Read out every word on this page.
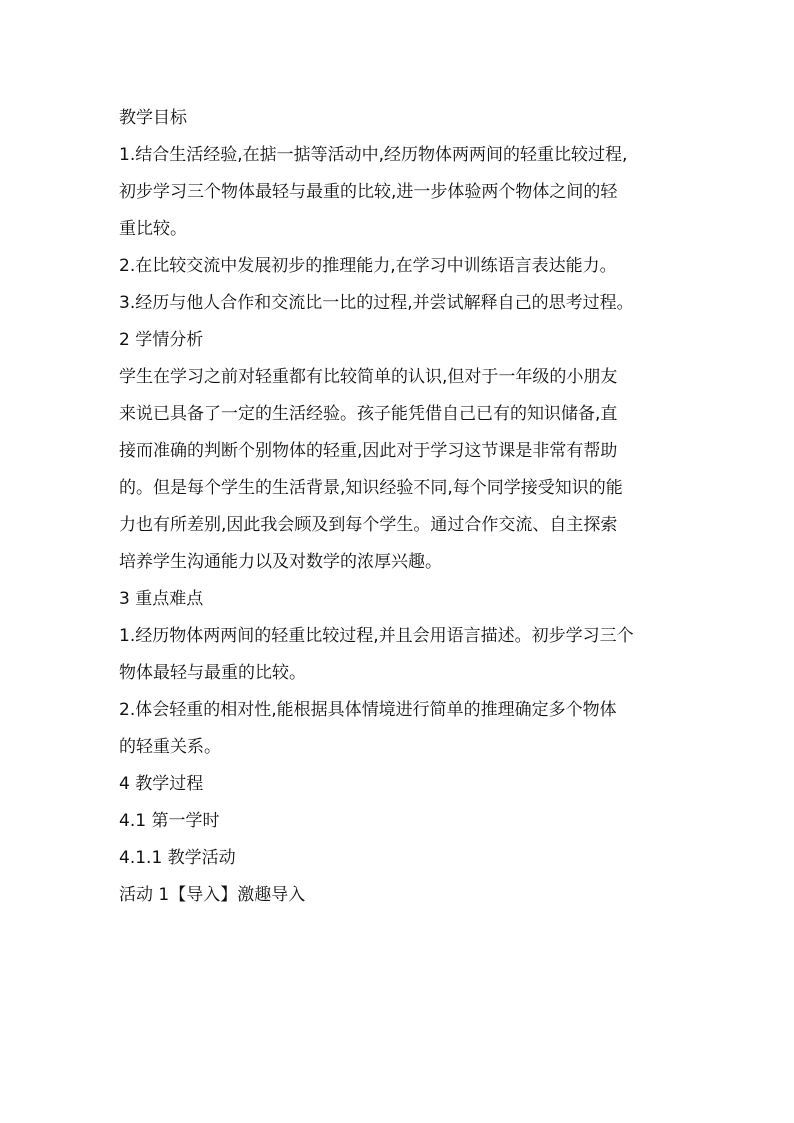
教学目标

1.结合生活经验,在掂一掂等活动中,经历物体两两间的轻重比较过程,

初步学习三个物体最轻与最重的比较,进一步体验两个物体之间的轻

重比较。

2.在比较交流中发展初步的推理能力,在学习中训练语言表达能力。

3.经历与他人合作和交流比一比的过程,并尝试解释自己的思考过程。

2 学情分析

学生在学习之前对轻重都有比较简单的认识,但对于一年级的小朋友

来说已具备了一定的生活经验。孩子能凭借自己已有的知识储备,直

接而准确的判断个别物体的轻重,因此对于学习这节课是非常有帮助

的。但是每个学生的生活背景,知识经验不同,每个同学接受知识的能

力也有所差别,因此我会顾及到每个学生。通过合作交流、自主探索

培养学生沟通能力以及对数学的浓厚兴趣。

3 重点难点

1.经历物体两两间的轻重比较过程,并且会用语言描述。初步学习三个

物体最轻与最重的比较。

2.体会轻重的相对性,能根据具体情境进行简单的推理确定多个物体

的轻重关系。

4 教学过程

4.1 第一学时

4.1.1 教学活动

活动 1【导入】激趣导入
